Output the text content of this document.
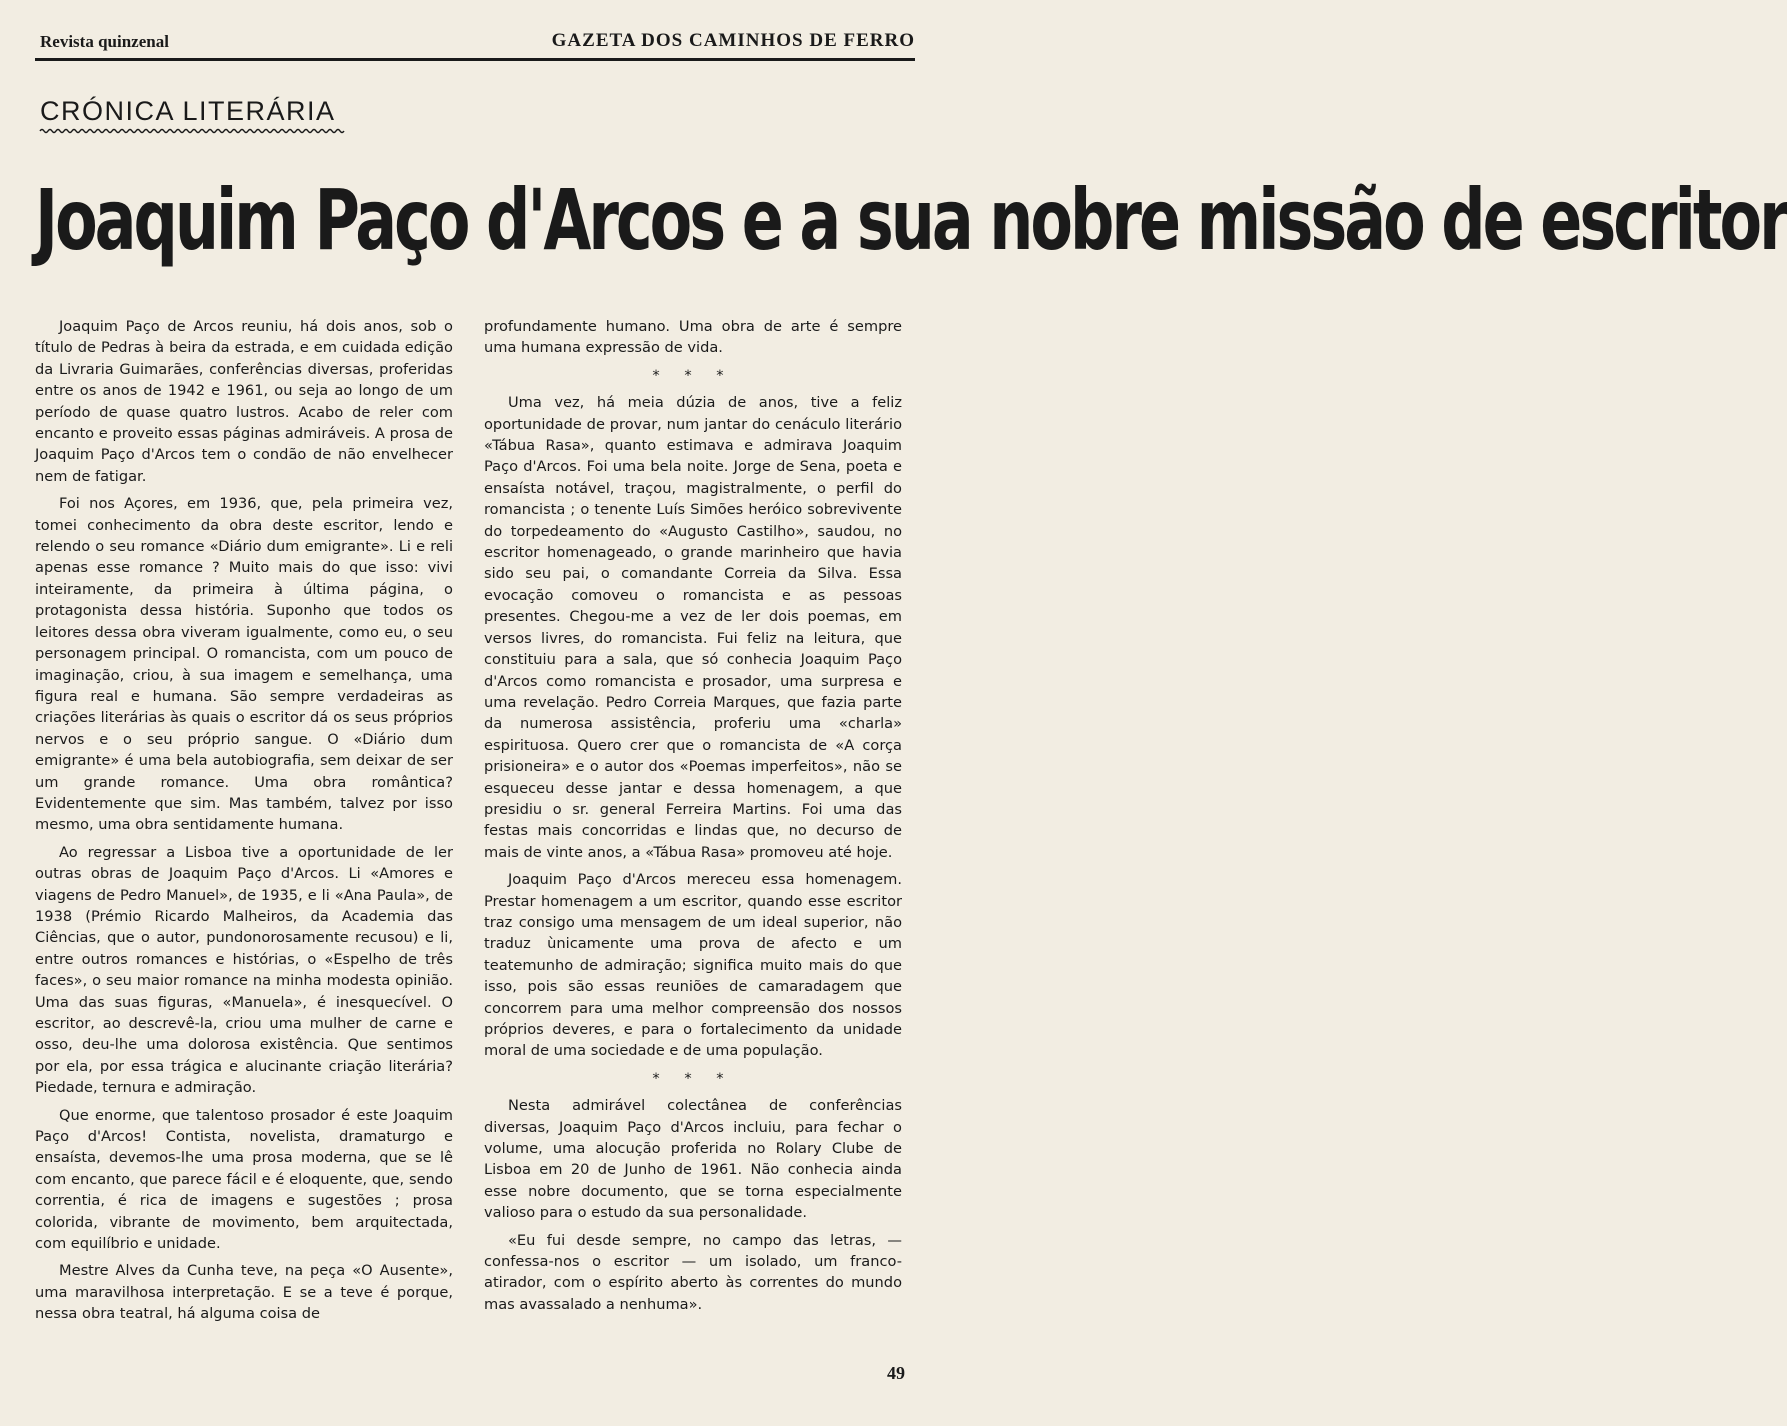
Revista quinzenal	GAZETA DOS CAMINHOS DE FERRO
CRÓNICA LITERÁRIA
Joaquim Paço d'Arcos e a sua nobre missão de escritor

Joaquim Paço de Arcos reuniu, há dois anos, sob o título de Pedras à beira da estrada, e em cuidada edição da Livraria Guimarães, conferências diversas, proferidas entre os anos de 1942 e 1961, ou seja ao longo de um período de quase quatro lustros. Acabo de reler com encanto e proveito essas páginas admiráveis. A prosa de Joaquim Paço d'Arcos tem o condão de não envelhecer nem de fatigar.

Foi nos Açores, em 1936, que, pela primeira vez, tomei conhecimento da obra deste escritor, lendo e relendo o seu romance «Diário dum emigrante». Li e reli apenas esse romance ? Muito mais do que isso: vivi inteiramente, da primeira à última página, o protagonista dessa história. Suponho que todos os leitores dessa obra viveram igualmente, como eu, o seu personagem principal. O romancista, com um pouco de imaginação, criou, à sua imagem e semelhança, uma figura real e humana. São sempre verdadeiras as criações literárias às quais o escritor dá os seus próprios nervos e o seu próprio sangue. O «Diário dum emigrante» é uma bela autobiografia, sem deixar de ser um grande romance. Uma obra romântica? Evidentemente que sim. Mas também, talvez por isso mesmo, uma obra sentidamente humana.

Ao regressar a Lisboa tive a oportunidade de ler outras obras de Joaquim Paço d'Arcos. Li «Amores e viagens de Pedro Manuel», de 1935, e li «Ana Paula», de 1938 (Prémio Ricardo Malheiros, da Academia das Ciências, que o autor, pundonorosamente recusou) e li, entre outros romances e histórias, o «Espelho de três faces», o seu maior romance na minha modesta opinião. Uma das suas figuras, «Manuela», é inesquecível. O escritor, ao descrevê-la, criou uma mulher de carne e osso, deu-lhe uma dolorosa existência. Que sentimos por ela, por essa trágica e alucinante criação literária? Piedade, ternura e admiração.

Que enorme, que talentoso prosador é este Joaquim Paço d'Arcos! Contista, novelista, dramaturgo e ensaísta, devemos-lhe uma prosa moderna, que se lê com encanto, que parece fácil e é eloquente, que, sendo correntia, é rica de imagens e sugestões ; prosa colorida, vibrante de movimento, bem arquitectada, com equilíbrio e unidade.

Mestre Alves da Cunha teve, na peça «O Ausente», uma maravilhosa interpretação. E se a teve é porque, nessa obra teatral, há alguma coisa de

profundamente humano. Uma obra de arte é sempre uma humana expressão de vida.

* * *

Uma vez, há meia dúzia de anos, tive a feliz oportunidade de provar, num jantar do cenáculo literário «Tábua Rasa», quanto estimava e admirava Joaquim Paço d'Arcos. Foi uma bela noite. Jorge de Sena, poeta e ensaísta notável, traçou, magistralmente, o perfil do romancista ; o tenente Luís Simões heróico sobrevivente do torpedeamento do «Augusto Castilho», saudou, no escritor homenageado, o grande marinheiro que havia sido seu pai, o comandante Correia da Silva. Essa evocação comoveu o romancista e as pessoas presentes. Chegou-me a vez de ler dois poemas, em versos livres, do romancista. Fui feliz na leitura, que constituiu para a sala, que só conhecia Joaquim Paço d'Arcos como romancista e prosador, uma surpresa e uma revelação. Pedro Correia Marques, que fazia parte da numerosa assistência, proferiu uma «charla» espirituosa. Quero crer que o romancista de «A corça prisioneira» e o autor dos «Poemas imperfeitos», não se esqueceu desse jantar e dessa homenagem, a que presidiu o sr. general Ferreira Martins. Foi uma das festas mais concorridas e lindas que, no decurso de mais de vinte anos, a «Tábua Rasa» promoveu até hoje.

Joaquim Paço d'Arcos mereceu essa homenagem. Prestar homenagem a um escritor, quando esse escritor traz consigo uma mensagem de um ideal superior, não traduz ùnicamente uma prova de afecto e um teatemunho de admiração; significa muito mais do que isso, pois são essas reuniões de camaradagem que concorrem para uma melhor compreensão dos nossos próprios deveres, e para o fortalecimento da unidade moral de uma sociedade e de uma população.

* * *

Nesta admirável colectânea de conferências diversas, Joaquim Paço d'Arcos incluiu, para fechar o volume, uma alocução proferida no Rolary Clube de Lisboa em 20 de Junho de 1961. Não conhecia ainda esse nobre documento, que se torna especialmente valioso para o estudo da sua personalidade.

«Eu fui desde sempre, no campo das letras, — confessa-nos o escritor — um isolado, um franco-atirador, com o espírito aberto às correntes do mundo mas avassalado a nenhuma».

49
